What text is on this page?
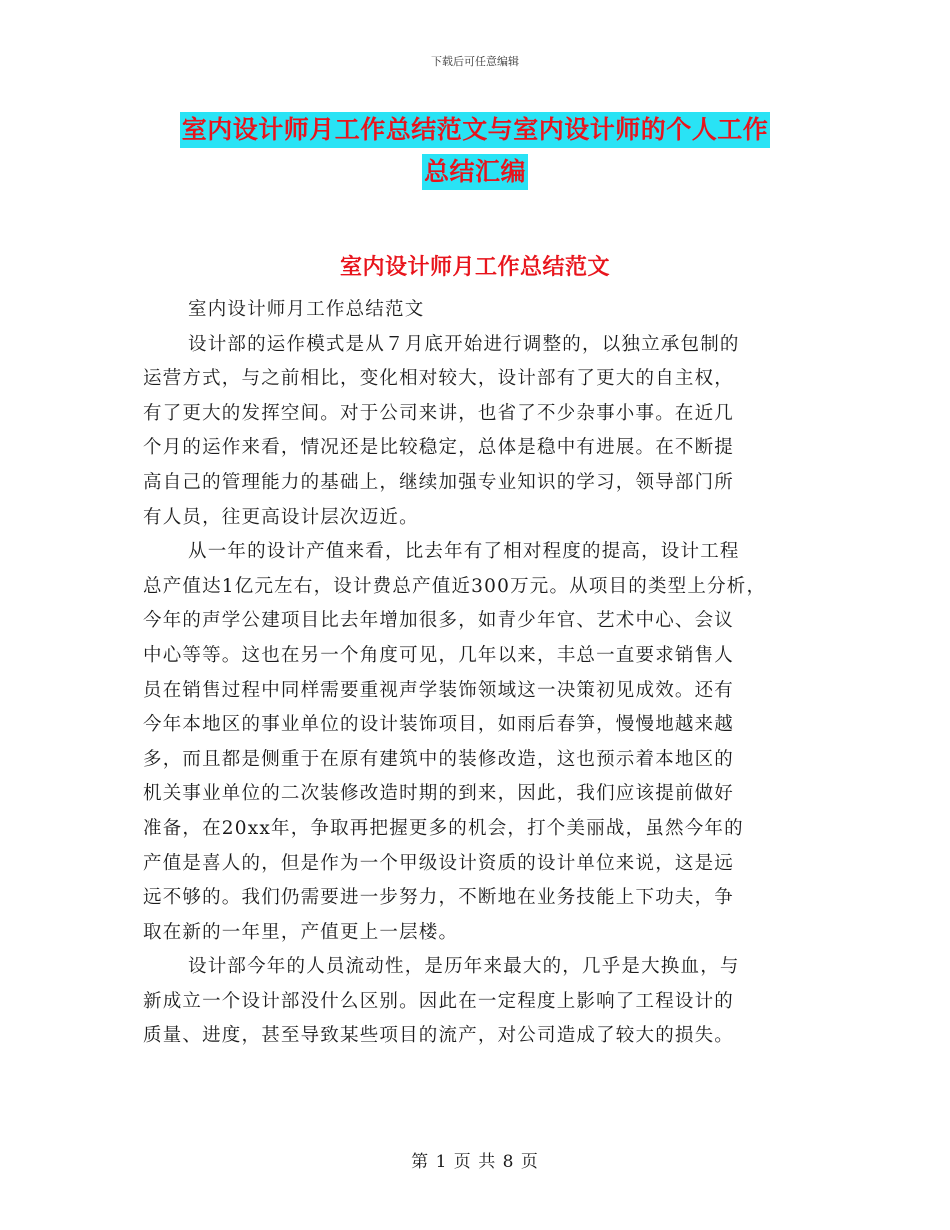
下载后可任意编辑
室内设计师月工作总结范文与室内设计师的个人工作
总结汇编
室内设计师月工作总结范文
室内设计师月工作总结范文
设计部的运作模式是从７月底开始进行调整的，以独立承包制的
运营方式，与之前相比，变化相对较大，设计部有了更大的自主权，
有了更大的发挥空间。对于公司来讲，也省了不少杂事小事。在近几
个月的运作来看，情况还是比较稳定，总体是稳中有进展。在不断提
高自己的管理能力的基础上，继续加强专业知识的学习，领导部门所
有人员，往更高设计层次迈近。
从一年的设计产值来看，比去年有了相对程度的提高，设计工程
总产值达1亿元左右，设计费总产值近300万元。从项目的类型上分析，
今年的声学公建项目比去年增加很多，如青少年官、艺术中心、会议
中心等等。这也在另一个角度可见，几年以来，丰总一直要求销售人
员在销售过程中同样需要重视声学装饰领域这一决策初见成效。还有
今年本地区的事业单位的设计装饰项目，如雨后春笋，慢慢地越来越
多，而且都是侧重于在原有建筑中的装修改造，这也预示着本地区的
机关事业单位的二次装修改造时期的到来，因此，我们应该提前做好
准备，在20xx年，争取再把握更多的机会，打个美丽战，虽然今年的
产值是喜人的，但是作为一个甲级设计资质的设计单位来说，这是远
远不够的。我们仍需要进一步努力，不断地在业务技能上下功夫，争
取在新的一年里，产值更上一层楼。
设计部今年的人员流动性，是历年来最大的，几乎是大换血，与
新成立一个设计部没什么区别。因此在一定程度上影响了工程设计的
质量、进度，甚至导致某些项目的流产，对公司造成了较大的损失。
第 1 页 共 8 页
